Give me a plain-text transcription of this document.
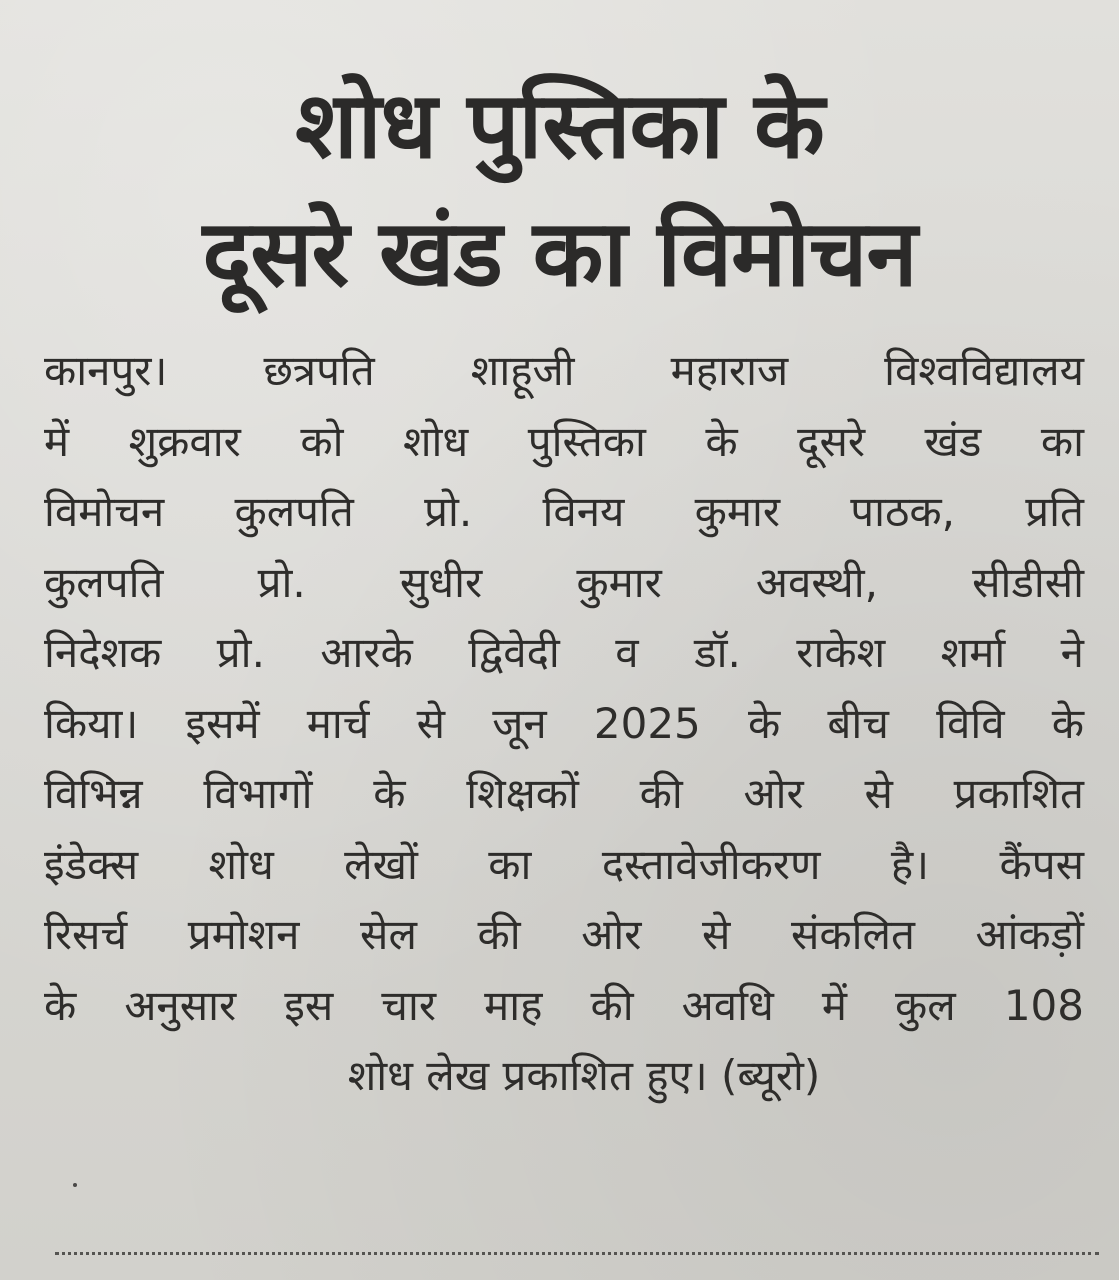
शोध पुस्तिका के
दूसरे खंड का विमोचन
कानपुर। छत्रपति शाहूजी महाराज विश्वविद्यालय
में शुक्रवार को शोध पुस्तिका के दूसरे खंड का
विमोचन कुलपति प्रो. विनय कुमार पाठक, प्रति
कुलपति प्रो. सुधीर कुमार अवस्थी, सीडीसी
निदेशक प्रो. आरके द्विवेदी व डॉ. राकेश शर्मा ने
किया। इसमें मार्च से जून 2025 के बीच विवि के
विभिन्न विभागों के शिक्षकों की ओर से प्रकाशित
इंडेक्स शोध लेखों का दस्तावेजीकरण है। कैंपस
रिसर्च प्रमोशन सेल की ओर से संकलित आंकड़ों
के अनुसार इस चार माह की अवधि में कुल 108
शोध लेख प्रकाशित हुए। (ब्यूरो)
